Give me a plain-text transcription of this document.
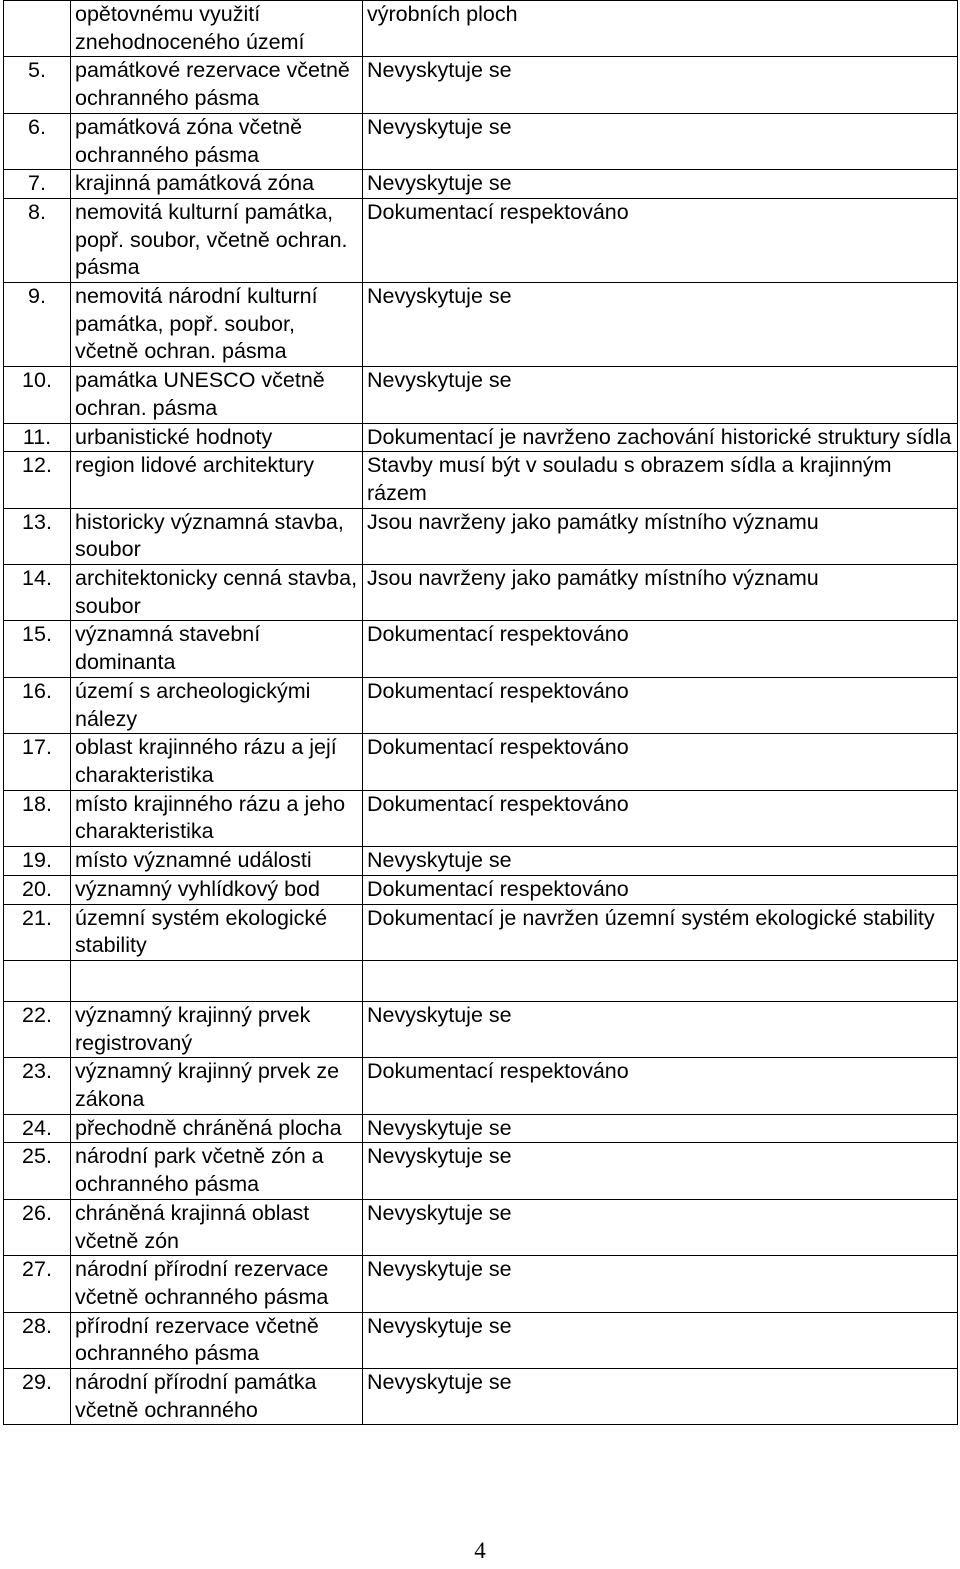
	opětovnému využití znehodnoceného území	výrobních ploch
5.	památkové rezervace včetně ochranného pásma	Nevyskytuje se
6.	památková zóna včetně ochranného pásma	Nevyskytuje se
7.	krajinná památková zóna	Nevyskytuje se
8.	nemovitá kulturní památka, popř. soubor, včetně ochran. pásma	Dokumentací respektováno
9.	nemovitá národní kulturní památka, popř. soubor, včetně ochran. pásma	Nevyskytuje se
10.	památka UNESCO včetně ochran. pásma	Nevyskytuje se
11.	urbanistické hodnoty	Dokumentací je navrženo zachování historické struktury sídla
12.	region lidové architektury	Stavby musí být v souladu s obrazem sídla a krajinným rázem
13.	historicky významná stavba, soubor	Jsou navrženy jako památky místního významu
14.	architektonicky cenná stavba, soubor	Jsou navrženy jako památky místního významu
15.	významná stavební dominanta	Dokumentací respektováno
16.	území s archeologickými nálezy	Dokumentací respektováno
17.	oblast krajinného rázu a její charakteristika	Dokumentací respektováno
18.	místo krajinného rázu a jeho charakteristika	Dokumentací respektováno
19.	místo významné události	Nevyskytuje se
20.	významný vyhlídkový bod	Dokumentací respektováno
21.	územní systém ekologické stability	Dokumentací je navržen územní systém ekologické stability

22.	významný krajinný prvek registrovaný	Nevyskytuje se
23.	významný krajinný prvek ze zákona	Dokumentací respektováno
24.	přechodně chráněná plocha	Nevyskytuje se
25.	národní park včetně zón a ochranného pásma	Nevyskytuje se
26.	chráněná krajinná oblast včetně zón	Nevyskytuje se
27.	národní přírodní rezervace včetně ochranného pásma	Nevyskytuje se
28.	přírodní rezervace včetně ochranného pásma	Nevyskytuje se
29.	národní přírodní památka včetně ochranného	Nevyskytuje se
4
